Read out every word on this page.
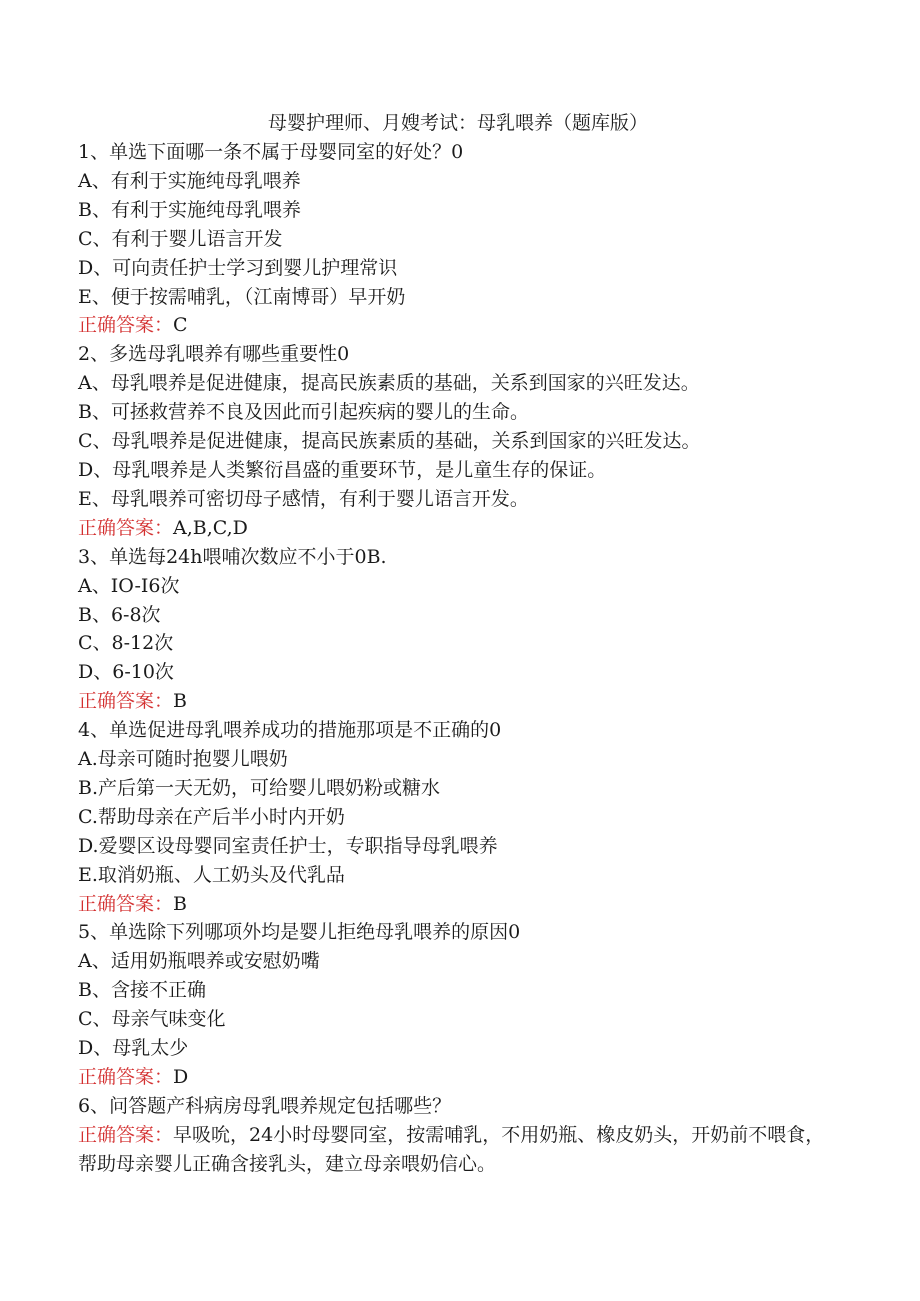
母婴护理师、月嫂考试：母乳喂养（题库版）
1、单选下面哪一条不属于母婴同室的好处？0
A、有利于实施纯母乳喂养
B、有利于实施纯母乳喂养
C、有利于婴儿语言开发
D、可向责任护士学习到婴儿护理常识
E、便于按需哺乳，（江南博哥）早开奶
正确答案：C
2、多选母乳喂养有哪些重要性0
A、母乳喂养是促进健康，提高民族素质的基础，关系到国家的兴旺发达。
B、可拯救营养不良及因此而引起疾病的婴儿的生命。
C、母乳喂养是促进健康，提高民族素质的基础，关系到国家的兴旺发达。
D、母乳喂养是人类繁衍昌盛的重要环节，是儿童生存的保证。
E、母乳喂养可密切母子感情，有利于婴儿语言开发。
正确答案：A,B,C,D
3、单选每24h喂哺次数应不小于0B.
A、IO-I6次
B、6-8次
C、8-12次
D、6-10次
正确答案：B
4、单选促进母乳喂养成功的措施那项是不正确的0
A.母亲可随时抱婴儿喂奶
B.产后第一天无奶，可给婴儿喂奶粉或糖水
C.帮助母亲在产后半小时内开奶
D.爱婴区设母婴同室责任护士，专职指导母乳喂养
E.取消奶瓶、人工奶头及代乳品
正确答案：B
5、单选除下列哪项外均是婴儿拒绝母乳喂养的原因0
A、适用奶瓶喂养或安慰奶嘴
B、含接不正确
C、母亲气味变化
D、母乳太少
正确答案：D
6、问答题产科病房母乳喂养规定包括哪些？
正确答案：早吸吮，24小时母婴同室，按需哺乳，不用奶瓶、橡皮奶头，开奶前不喂食，帮助母亲婴儿正确含接乳头，建立母亲喂奶信心。
